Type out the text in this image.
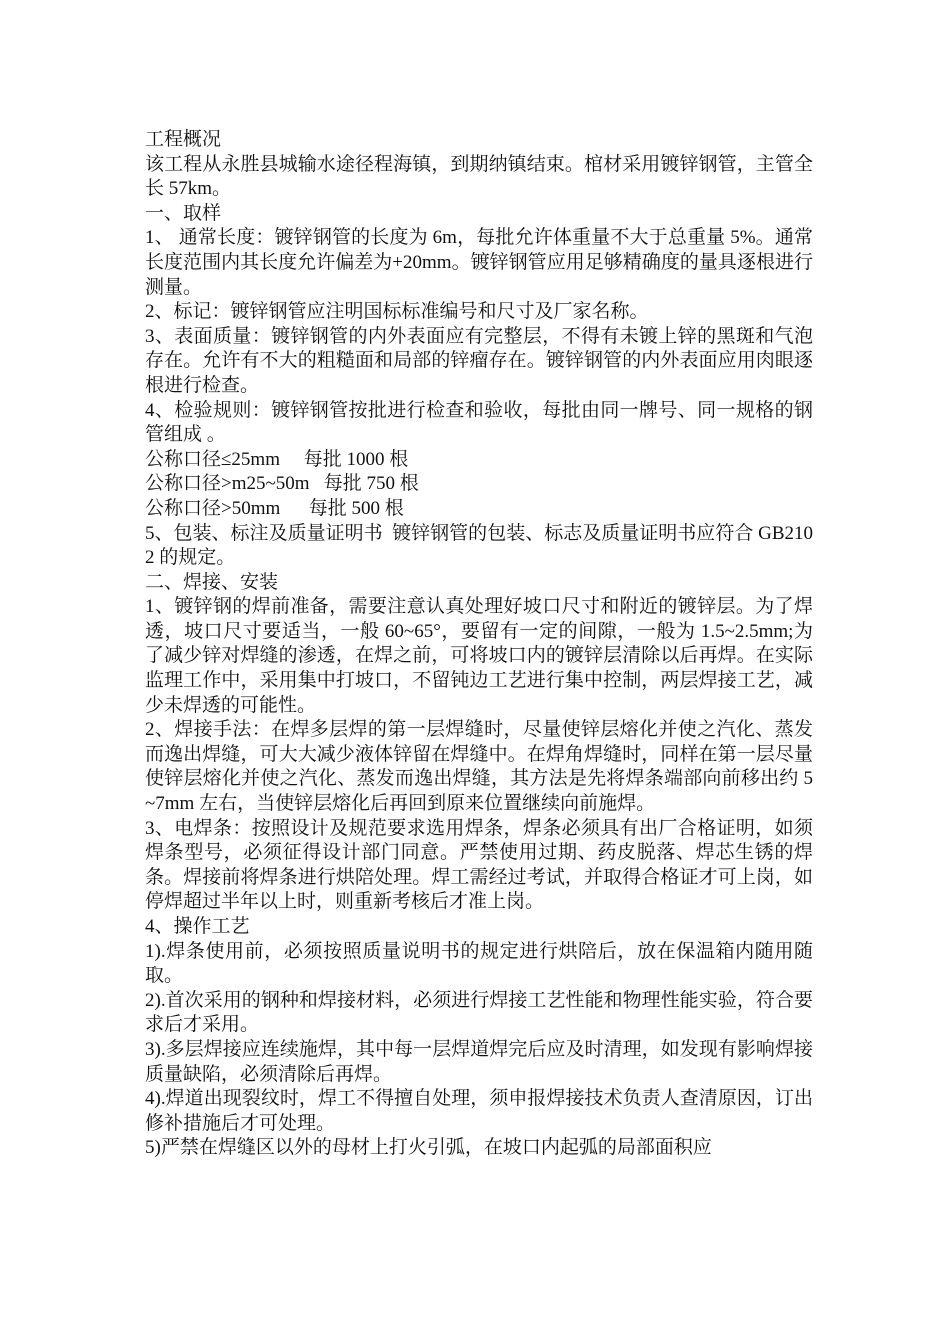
工程概况

该工程从永胜县城输水途径程海镇，到期纳镇结束。棺材采用镀锌钢管，主管全长 57km。

一、取样

1、 通常长度：镀锌钢管的长度为 6m，每批允许体重量不大于总重量 5%。通常长度范围内其长度允许偏差为+20mm。镀锌钢管应用足够精确度的量具逐根进行测量。

2、标记：镀锌钢管应注明国标标准编号和尺寸及厂家名称。

3、表面质量：镀锌钢管的内外表面应有完整层，不得有未镀上锌的黑斑和气泡存在。允许有不大的粗糙面和局部的锌瘤存在。镀锌钢管的内外表面应用肉眼逐根进行检查。

4、检验规则：镀锌钢管按批进行检查和验收，每批由同一牌号、同一规格的钢管组成 。

公称口径≤25mm     每批 1000 根

公称口径>m25~50m   每批 750 根

公称口径>50mm      每批 500 根

5、包装、标注及质量证明书  镀锌钢管的包装、标志及质量证明书应符合 GB2102 的规定。

二、焊接、安装

1、镀锌钢的焊前准备，需要注意认真处理好坡口尺寸和附近的镀锌层。为了焊透，坡口尺寸要适当，一般 60~65°，要留有一定的间隙，一般为 1.5~2.5mm;为了减少锌对焊缝的渗透，在焊之前，可将坡口内的镀锌层清除以后再焊。在实际监理工作中，采用集中打坡口，不留钝边工艺进行集中控制，两层焊接工艺，减少未焊透的可能性。

2、焊接手法：在焊多层焊的第一层焊缝时，尽量使锌层熔化并使之汽化、蒸发而逸出焊缝，可大大减少液体锌留在焊缝中。在焊角焊缝时，同样在第一层尽量使锌层熔化并使之汽化、蒸发而逸出焊缝，其方法是先将焊条端部向前移出约 5~7mm 左右，当使锌层熔化后再回到原来位置继续向前施焊。

3、电焊条：按照设计及规范要求选用焊条，焊条必须具有出厂合格证明，如须焊条型号，必须征得设计部门同意。严禁使用过期、药皮脱落、焊芯生锈的焊条。焊接前将焊条进行烘陪处理。焊工需经过考试，并取得合格证才可上岗，如停焊超过半年以上时，则重新考核后才准上岗。

4、操作工艺

1).焊条使用前，必须按照质量说明书的规定进行烘陪后，放在保温箱内随用随取。

2).首次采用的钢种和焊接材料，必须进行焊接工艺性能和物理性能实验，符合要求后才采用。

3).多层焊接应连续施焊，其中每一层焊道焊完后应及时清理，如发现有影响焊接质量缺陷，必须清除后再焊。

4).焊道出现裂纹时，焊工不得擅自处理，须申报焊接技术负责人查清原因，订出修补措施后才可处理。

5)严禁在焊缝区以外的母材上打火引弧，在坡口内起弧的局部面积应
